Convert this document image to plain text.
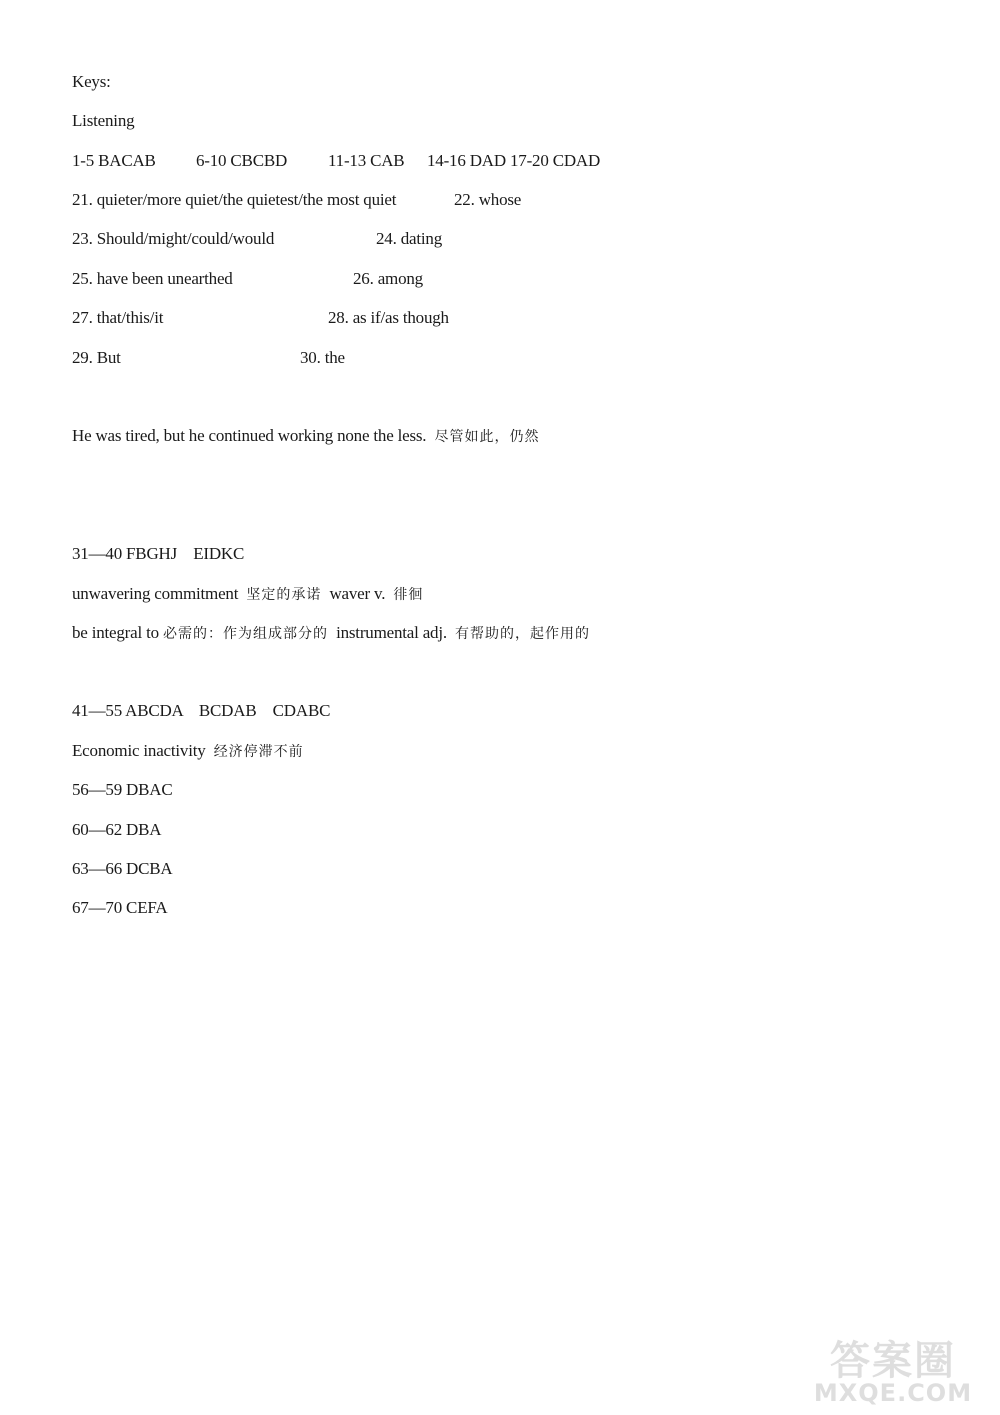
Keys:
Listening
1-5 BACAB 6-10 CBCBD 11-13 CAB 14-16 DAD 17-20 CDAD
21. quieter/more quiet/the quietest/the most quiet	22. whose
23. Should/might/could/would	24. dating
25. have been unearthed	26. among
27. that/this/it	28. as if/as though
29. But	30. the
He was tired, but he continued working none the less. 尽管如此，仍然
31—40 FBGHJ    EIDKC
unwavering commitment 坚定的承诺 waver v. 徘徊
be integral to 必需的：作为组成部分的 instrumental adj. 有帮助的，起作用的
41—55 ABCDA    BCDAB    CDABC
Economic inactivity 经济停滞不前
56—59 DBAC
60—62 DBA
63—66 DCBA
67—70 CEFA
答案圈
MXQE.COM
